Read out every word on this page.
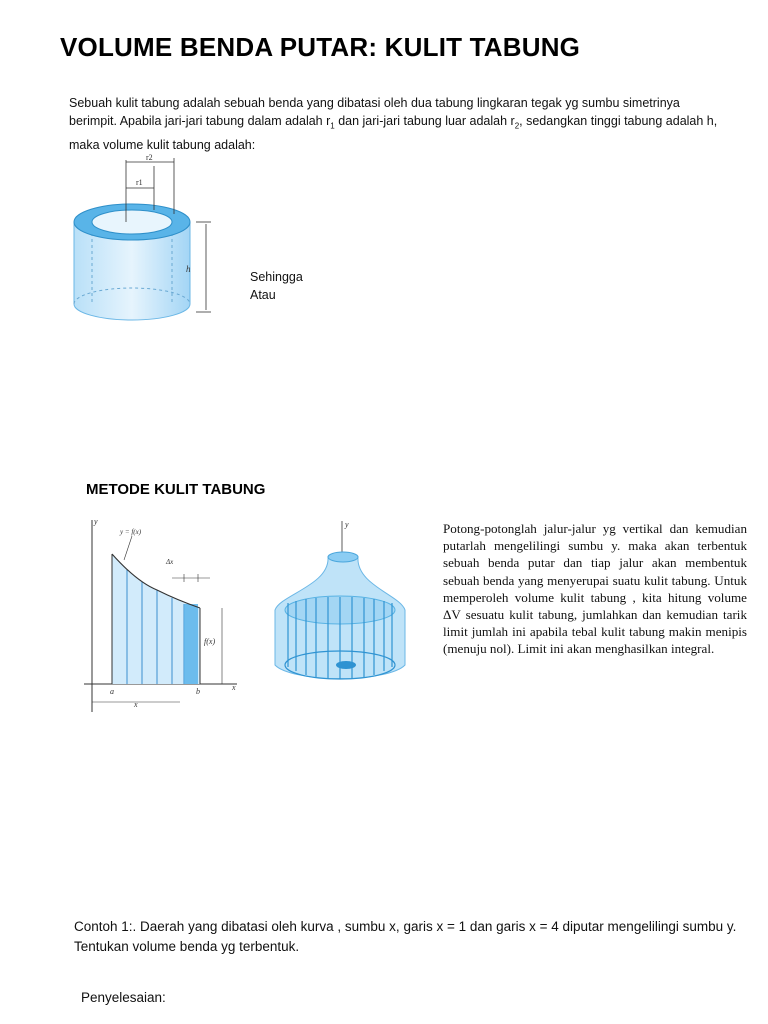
VOLUME BENDA PUTAR: KULIT TABUNG
Sebuah kulit tabung adalah sebuah benda yang dibatasi oleh dua tabung lingkaran tegak yg sumbu simetrinya berimpit. Apabila jari-jari tabung dalam adalah $r_1$ dan jari-jari tabung luar adalah $r_2$, sedangkan tinggi tabung adalah h, maka volume kulit tabung adalah:
r2
r1
h
Sehingga
Atau
METODE KULIT TABUNG
y
x
y = f(x)
Δx
f(x)
a	b
x
y	Potong-potonglah jalur-jalur yg vertikal dan kemudian putarlah mengelilingi sumbu y. maka akan terbentuk sebuah benda putar dan tiap jalur akan membentuk sebuah benda yang menyerupai suatu kulit tabung. Untuk memperoleh volume kulit tabung , kita hitung volume ΔV sesuatu kulit tabung, jumlahkan dan kemudian tarik limit jumlah ini apabila tebal kulit tabung makin menipis (menuju nol). Limit ini akan menghasilkan integral.
Contoh 1:. Daerah yang dibatasi oleh kurva , sumbu x, garis x = 1 dan garis x = 4 diputar mengelilingi sumbu y. Tentukan volume benda yg terbentuk.
Penyelesaian:
